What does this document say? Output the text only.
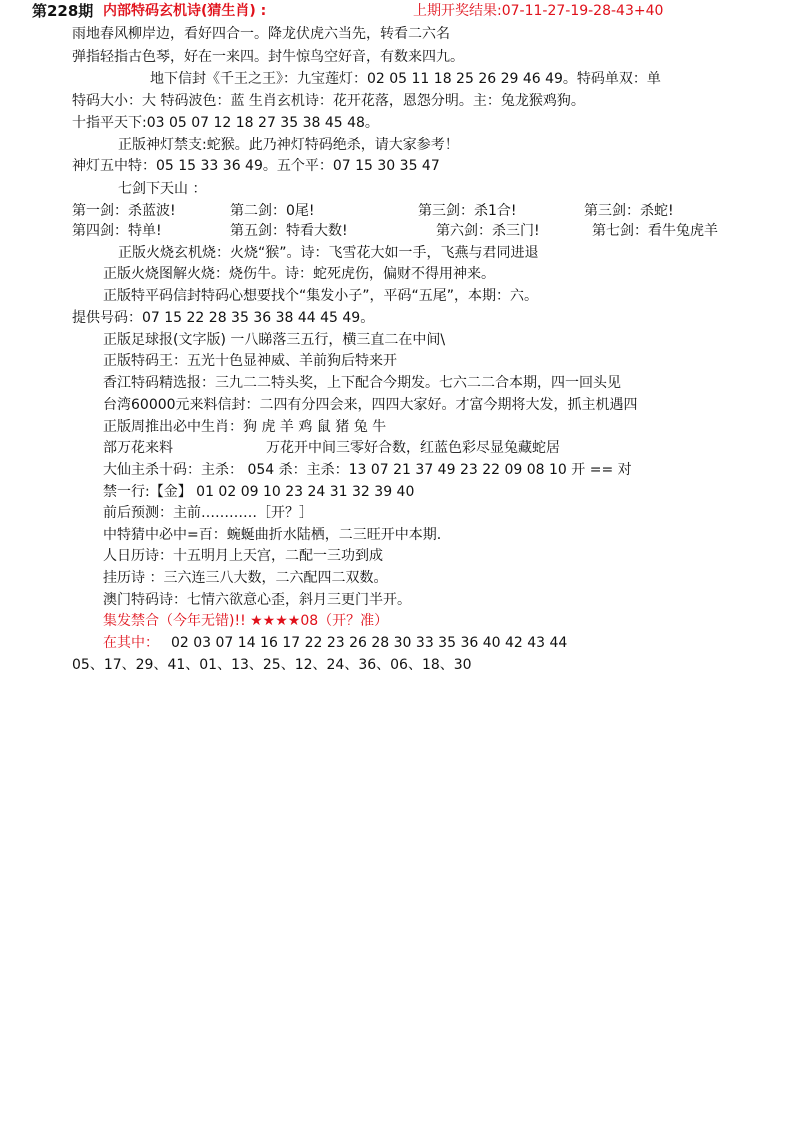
第228期 内部特码玄机诗(猜生肖) :	上期开奖结果:07-11-27-19-28-43+40
雨地春风柳岸边，看好四合一。降龙伏虎六当先，转看二六名
弹指轻指古色琴，好在一来四。封牛惊鸟空好音，有数来四九。
地下信封《千王之王》：九宝莲灯：02 05 11 18 25 26 29 46 49。特码单双：单
特码大小：大 特码波色：蓝 生肖玄机诗：花开花落，恩怨分明。主：兔龙猴鸡狗。
十指平天下:03 05 07 12 18 27 35 38 45 48。
正版神灯禁支:蛇猴。此乃神灯特码绝杀，请大家参考！
神灯五中特：05 15 33 36 49。五个平：07 15 30 35 47
七剑下天山 ：
第一剑：杀蓝波!	第二剑：0尾!	第三剑：杀1合!	第三剑：杀蛇!
第四剑：特单!	第五剑：特看大数!	第六剑：杀三门!	第七剑：看牛兔虎羊
正版火烧玄机烧：火烧“猴”。诗：飞雪花大如一手，飞燕与君同进退
正版火烧图解火烧：烧伤牛。诗：蛇死虎伤，偏财不得用神来。
正版特平码信封特码心想要找个“集发小子”，平码“五尾”，本期：六。
提供号码：07 15 22 28 35 36 38 44 45 49。
正版足球报(文字版) 一八睇落三五行，横三直二在中间\
正版特码王：五光十色显神威、羊前狗后特来开
香江特码精选报：三九二二特头奖，上下配合今期发。七六二二合本期，四一回头见
台湾60000元来料信封：二四有分四会来，四四大家好。才富今期将大发，抓主机遇四
正版周推出必中生肖：狗 虎 羊 鸡 鼠 猪 兔 牛
部万花来料	万花开中间三零好合数，红蓝色彩尽显兔藏蛇居
大仙主杀十码：主杀： 054 杀：主杀：13 07 21 37 49 23 22 09 08 10 开 == 对
禁一行:【金】 01 02 09 10 23 24 31 32 39 40
前后预测：主前…………［开？］
中特猜中必中=百：蜿蜒曲折水陆栖，二三旺开中本期.
人日历诗：十五明月上天宫，二配一三功到成
挂历诗 ：三六连三八大数，二六配四二双数。
澳门特码诗：七情六欲意心歪，斜月三更门半开。
集发禁合（今年无错)!! ★★★★08（开？准）
在其中： 02 03 07 14 16 17 22 23 26 28 30 33 35 36 40 42 43 44
05、17、29、41、01、13、25、12、24、36、06、18、30
